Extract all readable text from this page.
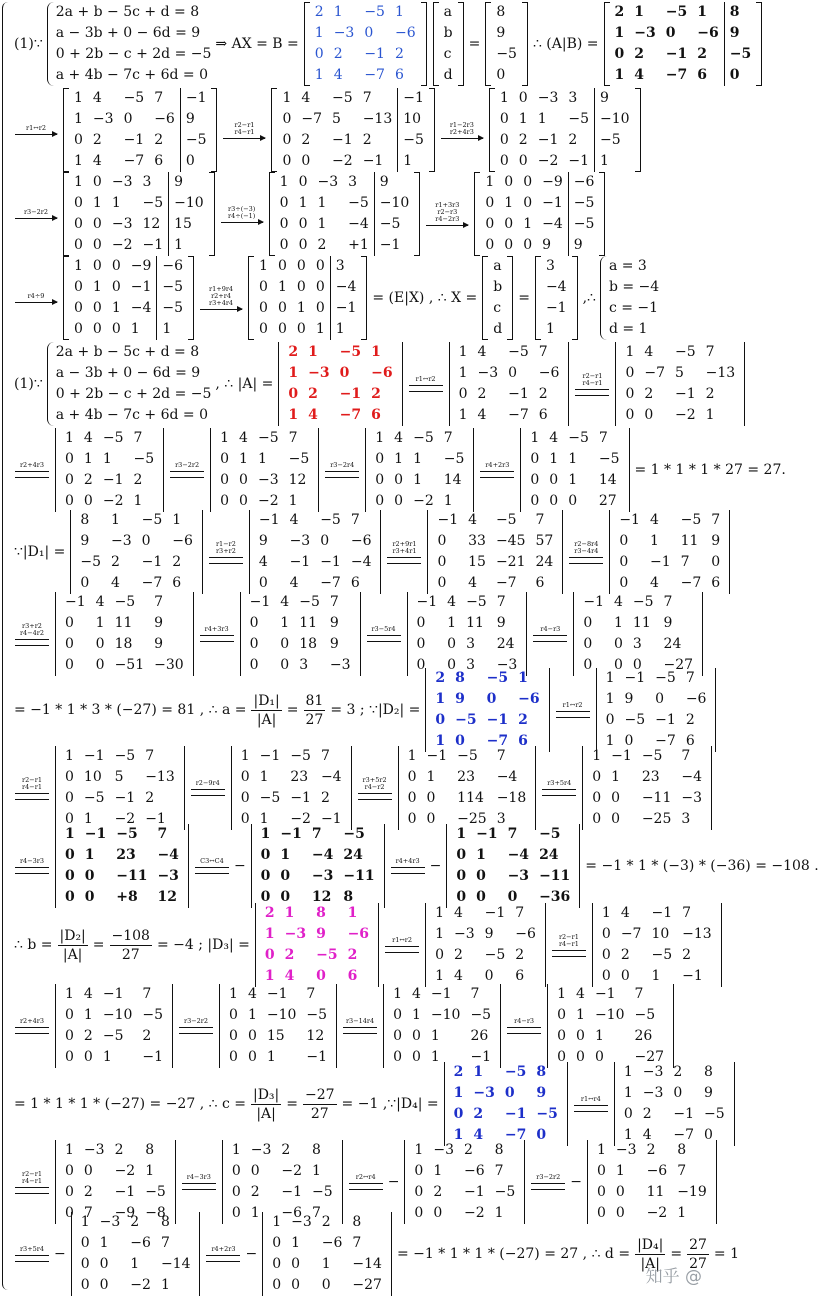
(1)∵
2a + b − 5c + d = 8
a − 3b + 0 − 6d = 9
0 + 2b − c + 2d = −5
a + 4b − 7c + 6d = 0
⇒ AX = B =
2	1	−5	1
1	−3	0	−6
0	2	−1	2
1	4	−7	6
a
b
c
d
=
8
9
−5
0
∴ (A|B) =
2	1	−5	1	8
1	−3	0	−6	9
0	2	−1	2	−5
1	4	−7	6	0
r1↔r2
1	4	−5	7	−1
1	−3	0	−6	9
0	2	−1	2	−5
1	4	−7	6	0
r2−r1
r4−r1
1	4	−5	7	−1
0	−7	5	−13	10
0	2	−1	2	−5
0	0	−2	−1	1
r1−2r3
r2+4r3
1	0	−3	3	9
0	1	1	−5	−10
0	2	−1	2	−5
0	0	−2	−1	1
r3−2r2
1	0	−3	3	9
0	1	1	−5	−10
0	0	−3	12	15
0	0	−2	−1	1
r3÷(−3)
r4÷(−1)
1	0	−3	3	9
0	1	1	−5	−10
0	0	1	−4	−5
0	0	2	+1	−1
r1+3r3
r2−r3
r4−2r3
1	0	0	−9	−6
0	1	0	−1	−5
0	0	1	−4	−5
0	0	0	9	9
r4÷9
1	0	0	−9	−6
0	1	0	−1	−5
0	0	1	−4	−5
0	0	0	1	1
r1+9r4
r2+r4
r3+4r4
1	0	0	0	3
0	1	0	0	−4
0	0	1	0	−1
0	0	0	1	1
= (E|X) , ∴ X =
a
b
c
d
=
3
−4
−1
1
,∴
a = 3
b = −4
c = −1
d = 1
(1)∵
2a + b − 5c + d = 8
a − 3b + 0 − 6d = 9
0 + 2b − c + 2d = −5
a + 4b − 7c + 6d = 0
, ∴ |A| =
2	1	−5	1
1	−3	0	−6
0	2	−1	2
1	4	−7	6
r1↔r2
1	4	−5	7
1	−3	0	−6
0	2	−1	2
1	4	−7	6
r2−r1
r4−r1
1	4	−5	7
0	−7	5	−13
0	2	−1	2
0	0	−2	1
r2+4r3
1	4	−5	7
0	1	1	−5
0	2	−1	2
0	0	−2	1
r3−2r2
1	4	−5	7
0	1	1	−5
0	0	−3	12
0	0	−2	1
r3−2r4
1	4	−5	7
0	1	1	−5
0	0	1	14
0	0	−2	1
r4+2r3
1	4	−5	7
0	1	1	−5
0	0	1	14
0	0	0	27
= 1 * 1 * 1 * 27 = 27.
∵|D₁| =
8	1	−5	1
9	−3	0	−6
−5	2	−1	2
0	4	−7	6
r1−r2
r3+r2
−1	4	−5	7
9	−3	0	−6
4	−1	−1	−4
0	4	−7	6
r2+9r1
r3+4r1
−1	4	−5	7
0	33	−45	57
0	15	−21	24
0	4	−7	6
r2−8r4
r3−4r4
−1	4	−5	7
0	1	11	9
0	−1	7	0
0	4	−7	6
r3+r2
r4−4r2
−1	4	−5	7
0	1	11	9
0	0	18	9
0	0	−51	−30
r4+3r3
−1	4	−5	7
0	1	11	9
0	0	18	9
0	0	3	−3
r3−5r4
−1	4	−5	7
0	1	11	9
0	0	3	24
0	0	3	−3
r4−r3
−1	4	−5	7
0	1	11	9
0	0	3	24
0	0	0	−27
= −1 * 1 * 3 * (−27) = 81 , ∴ $a = \frac{\text{|D₁|}}{|A|} = \frac{81}{27} = 3$ ; ∵|D₂| =
2	8	−5	1
1	9	0	−6
0	−5	−1	2
1	0	−7	6
r1↔r2
1	−1	−5	7
1	9	0	−6
0	−5	−1	2
1	0	−7	6
r2−r1
r4−r1
1	−1	−5	7
0	10	5	−13
0	−5	−1	2
0	1	−2	−1
r2−9r4
1	−1	−5	7
0	1	23	−4
0	−5	−1	2
0	1	−2	−1
r3+5r2
r4−r2
1	−1	−5	7
0	1	23	−4
0	0	114	−18
0	0	−25	3
r3+5r4
1	−1	−5	7
0	1	23	−4
0	0	−11	−3
0	0	−25	3
r4−3r3
1	−1	−5	7
0	1	23	−4
0	0	−11	−3
0	0	+8	12
C3↔C4 −
1	−1	7	−5
0	1	−4	24
0	0	−3	−11
0	0	12	8
r4+4r3 −
1	−1	7	−5
0	1	−4	24
0	0	−3	−11
0	0	0	−36
= −1 * 1 * (−3) * (−36) = −108 .
∴ $b = \frac{\text{|D₂|}}{|A|} = \frac{-108}{27} = -4$ ; |D₃| =
2	1	8	1
1	−3	9	−6
0	2	−5	2
1	4	0	6
r1↔r2
1	4	−1	7
1	−3	9	−6
0	2	−5	2
1	4	0	6
r2−r1
r4−r1
1	4	−1	7
0	−7	10	−13
0	2	−5	2
0	0	1	−1
r2+4r3
1	4	−1	7
0	1	−10	−5
0	2	−5	2
0	0	1	−1
r3−2r2
1	4	−1	7
0	1	−10	−5
0	0	15	12
0	0	1	−1
r3−14r4
1	4	−1	7
0	1	−10	−5
0	0	1	26
0	0	1	−1
r4−r3
1	4	−1	7
0	1	−10	−5
0	0	1	26
0	0	0	−27
= 1 * 1 * 1 * (−27) = −27 , ∴ $c = \frac{\text{|D₃|}}{|A|} = \frac{-27}{27} = -1$ ,∵|D₄| =
2	1	−5	8
1	−3	0	9
0	2	−1	−5
1	4	−7	0
r1↔r4
1	−3	2	8
1	−3	0	9
0	2	−1	−5
1	4	−7	0
r2−r1
r4−r1
1	−3	2	8
0	0	−2	1
0	2	−1	−5
0	7	−9	−8
r4−3r3
1	−3	2	8
0	0	−2	1
0	2	−1	−5
0	1	−6	7
r2↔r4 −
1	−3	2	8
0	1	−6	7
0	2	−1	−5
0	0	−2	1
r3−2r2 −
1	−3	2	8
0	1	−6	7
0	0	11	−19
0	0	−2	1
r3+5r4 −
1	−3	2	8
0	1	−6	7
0	0	1	−14
0	0	−2	1
r4+2r3 −
1	−3	2	8
0	1	−6	7
0	0	1	−14
0	0	0	−27
= −1 * 1 * 1 * (−27) = 27 , ∴ $d = \frac{\text{|D₄|}}{|A|} = \frac{27}{27} = 1$
知乎 @
